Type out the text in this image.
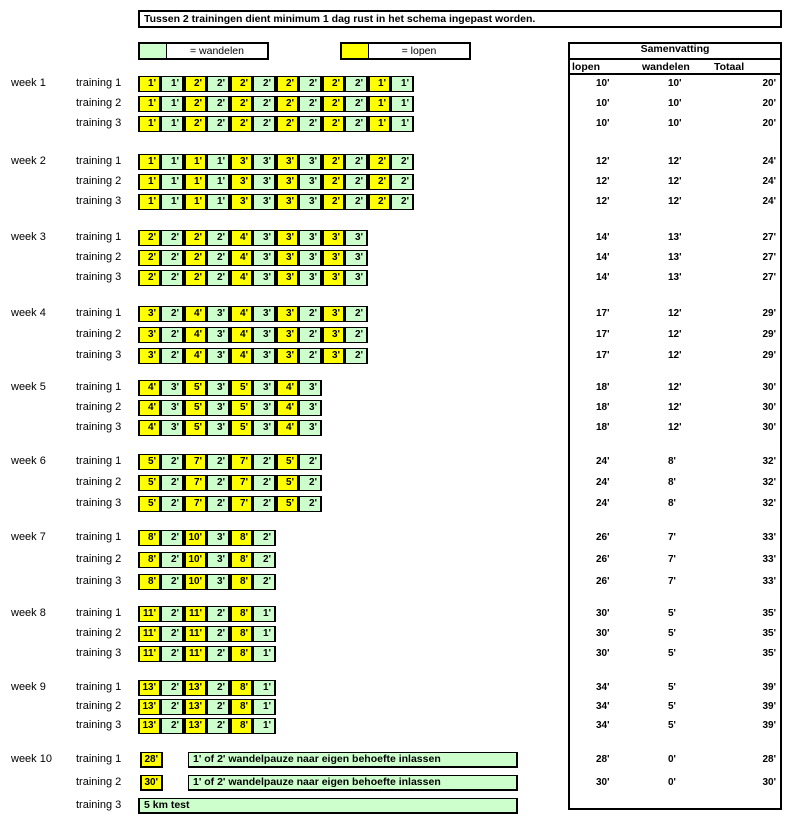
Tussen 2 trainingen dient minimum 1 dag rust in het schema ingepast worden.
= wandelen	= lopen	Samenvatting
lopen	wandelen Totaal
week 1	training 1	1'	1'	2'	2'	2'	2'	2'	2'	2'	2'	1'	1'	10'	10'	20'
training 2	1'	1'	2'	2'	2'	2'	2'	2'	2'	2'	1'	1'	10'	10'	20'
training 3	1'	1'	2'	2'	2'	2'	2'	2'	2'	2'	1'	1'	10'	10'	20'
week 2	training 1	1'	1'	1'	1'	3'	3'	3'	3'	2'	2'	2'	2'	12'	12'	24'
training 2	1'	1'	1'	1'	3'	3'	3'	3'	2'	2'	2'	2'	12'	12'	24'
training 3	1'	1'	1'	1'	3'	3'	3'	3'	2'	2'	2'	2'	12'	12'	24'
week 3	training 1	2'	2'	2'	2'	4'	3'	3'	3'	3'	3'	14'	13'	27'
training 2	2'	2'	2'	2'	4'	3'	3'	3'	3'	3'	14'	13'	27'
training 3	2'	2'	2'	2'	4'	3'	3'	3'	3'	3'	14'	13'	27'
week 4	training 1	3'	2'	4'	3'	4'	3'	3'	2'	3'	2'	17'	12'	29'
training 2	3'	2'	4'	3'	4'	3'	3'	2'	3'	2'	17'	12'	29'
training 3	3'	2'	4'	3'	4'	3'	3'	2'	3'	2'	17'	12'	29'
week 5	training 1	4'	3'	5'	3'	5'	3'	4'	3'	18'	12'	30'
training 2	4'	3'	5'	3'	5'	3'	4'	3'	18'	12'	30'
training 3	4'	3'	5'	3'	5'	3'	4'	3'	18'	12'	30'
week 6	training 1	5'	2'	7'	2'	7'	2'	5'	2'	24'	8'	32'
training 2	5'	2'	7'	2'	7'	2'	5'	2'	24'	8'	32'
training 3	5'	2'	7'	2'	7'	2'	5'	2'	24'	8'	32'
week 7	training 1	8'	2' 10'	3'	8'	2'	26'	7'	33'
training 2	8'	2' 10'	3'	8'	2'	26'	7'	33'
training 3	8'	2' 10'	3'	8'	2'	26'	7'	33'
week 8	training 1	11'	2'	11'	2'	8'	1'	30'	5'	35'
training 2	11'	2'	11'	2'	8'	1'	30'	5'	35'
training 3	11'	2'	11'	2'	8'	1'	30'	5'	35'
week 9	training 1	13'	2' 13'	2'	8'	1'	34'	5'	39'
training 2	13'	2' 13'	2'	8'	1'	34'	5'	39'
training 3	13'	2' 13'	2'	8'	1'	34'	5'	39'
week 10 training 1	28'	1' of 2' wandelpauze naar eigen behoefte inlassen	28'	0'	28'
training 2	30'	1' of 2' wandelpauze naar eigen behoefte inlassen	30'	0'	30'
training 3	5 km test
